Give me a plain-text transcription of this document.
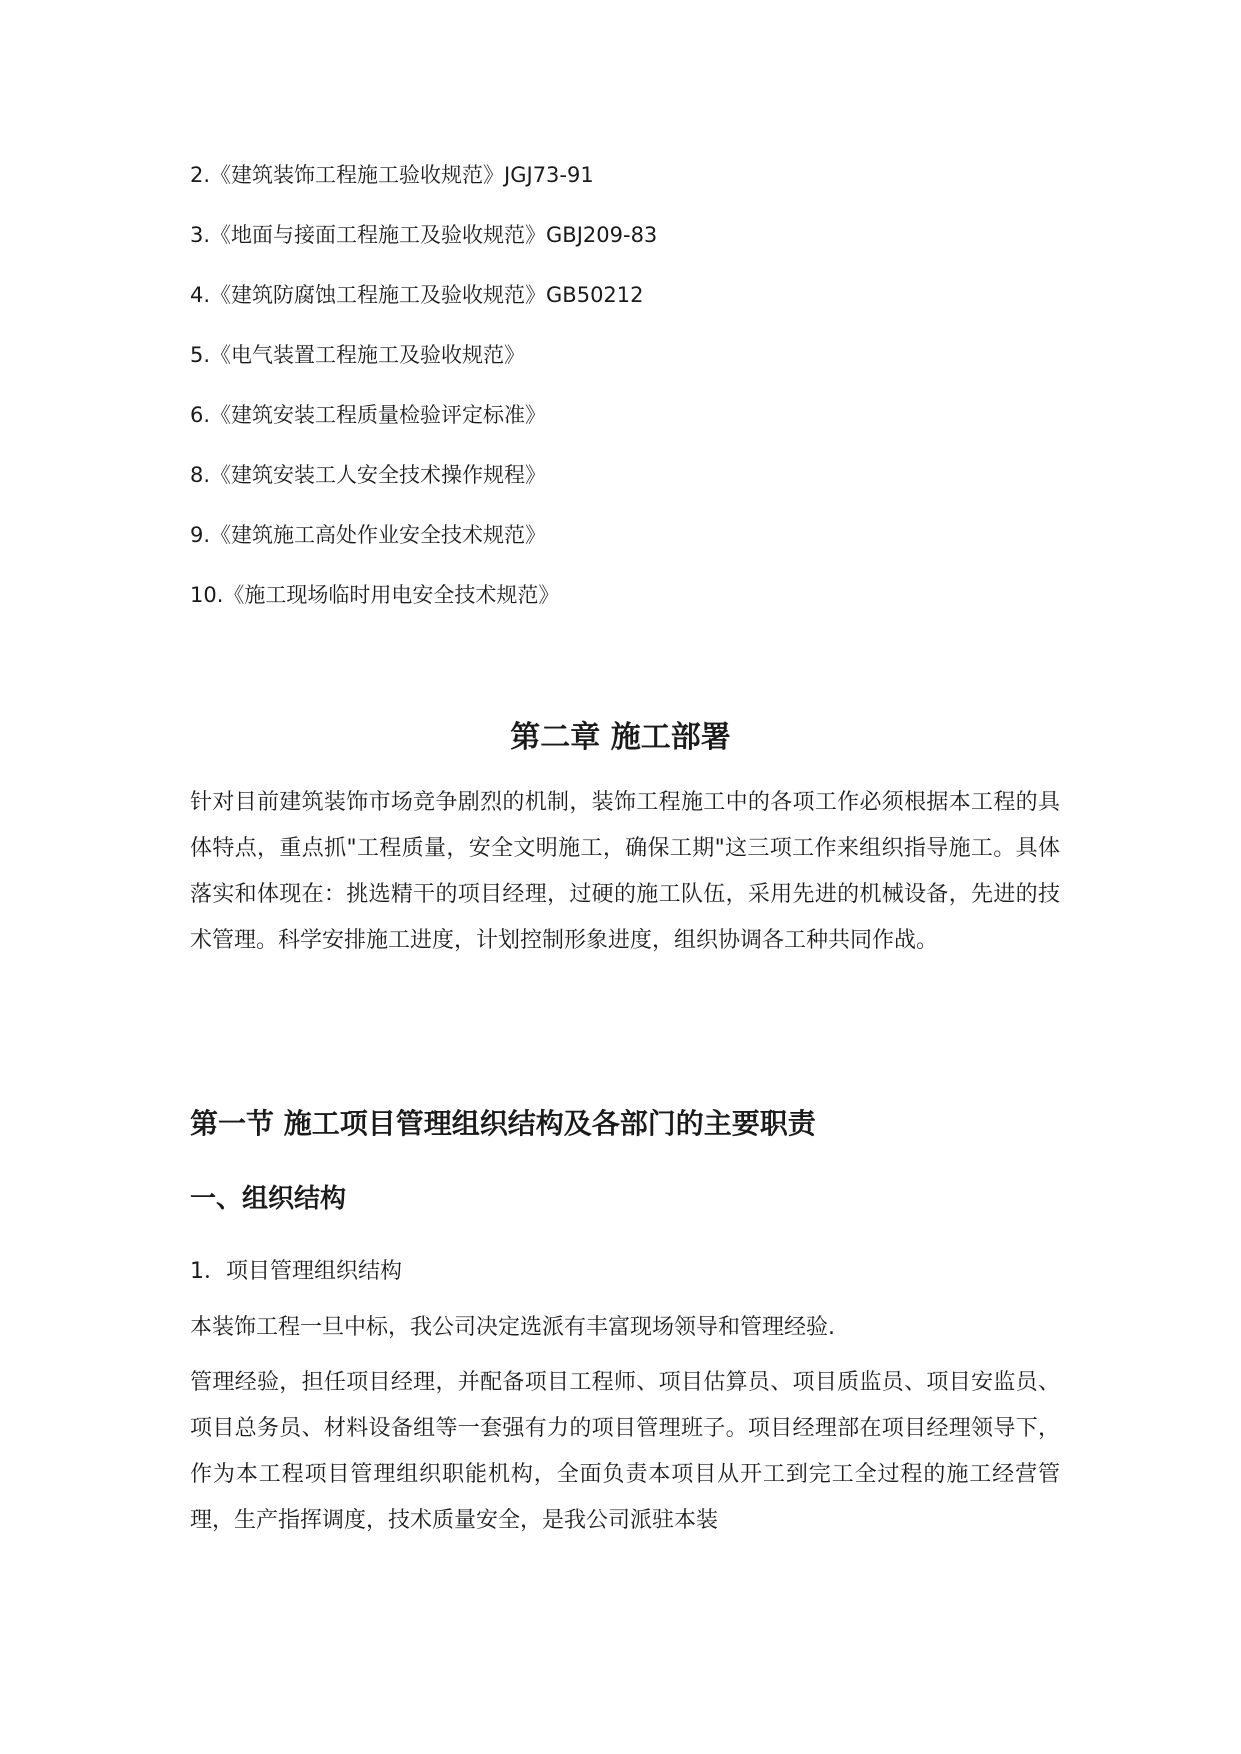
2.《建筑装饰工程施工验收规范》JGJ73-91
3.《地面与接面工程施工及验收规范》GBJ209-83
4.《建筑防腐蚀工程施工及验收规范》GB50212
5.《电气装置工程施工及验收规范》
6.《建筑安装工程质量检验评定标准》
8.《建筑安装工人安全技术操作规程》
9.《建筑施工高处作业安全技术规范》
10.《施工现场临时用电安全技术规范》
第二章 施工部署
针对目前建筑装饰市场竞争剧烈的机制，装饰工程施工中的各项工作必须根据本工程的具体特点，重点抓"工程质量，安全文明施工，确保工期"这三项工作来组织指导施工。具体落实和体现在：挑选精干的项目经理，过硬的施工队伍，采用先进的机械设备，先进的技术管理。科学安排施工进度，计划控制形象进度，组织协调各工种共同作战。
第一节 施工项目管理组织结构及各部门的主要职责
一、组织结构
1．项目管理组织结构
本装饰工程一旦中标，我公司决定选派有丰富现场领导和管理经验.
管理经验，担任项目经理，并配备项目工程师、项目估算员、项目质监员、项目安监员、项目总务员、材料设备组等一套强有力的项目管理班子。项目经理部在项目经理领导下，作为本工程项目管理组织职能机构，全面负责本项目从开工到完工全过程的施工经营管理，生产指挥调度，技术质量安全，是我公司派驻本装
